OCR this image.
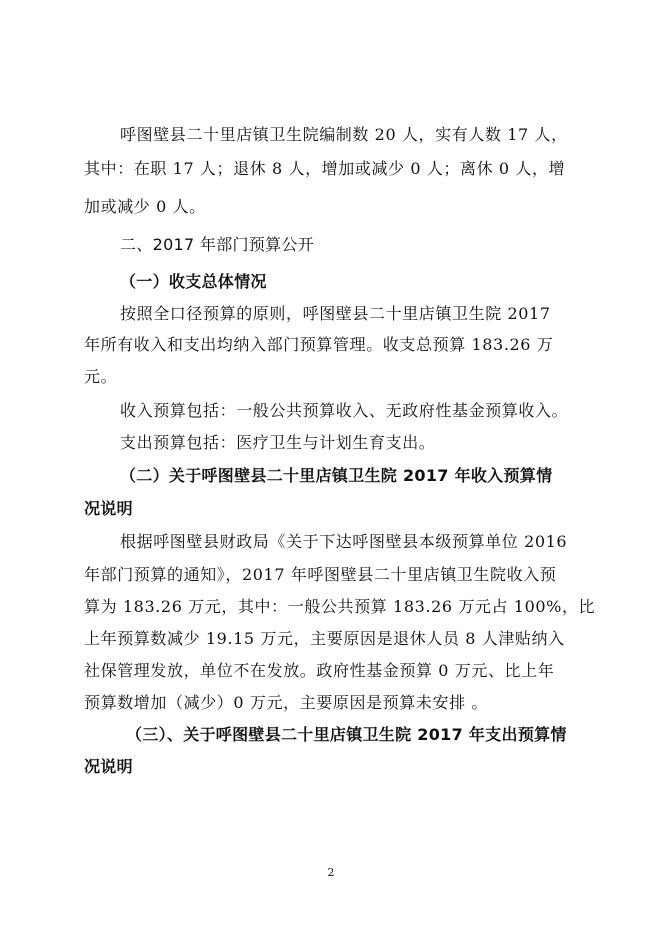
呼图壁县二十里店镇卫生院编制数 20 人，实有人数 17 人，
其中：在职 17 人；退休 8 人，增加或减少 0 人；离休 0 人，增
加或减少 0 人。
二、2017 年部门预算公开
（一）收支总体情况
按照全口径预算的原则，呼图壁县二十里店镇卫生院 2017
年所有收入和支出均纳入部门预算管理。收支总预算 183.26 万
元。
收入预算包括：一般公共预算收入、无政府性基金预算收入。
支出预算包括：医疗卫生与计划生育支出。
（二）关于呼图壁县二十里店镇卫生院 2017 年收入预算情
况说明
根据呼图壁县财政局《关于下达呼图壁县本级预算单位 2016
年部门预算的通知》，2017 年呼图壁县二十里店镇卫生院收入预
算为 183.26 万元，其中：一般公共预算 183.26 万元占 100%，比
上年预算数减少 19.15 万元，主要原因是退休人员 8 人津贴纳入
社保管理发放，单位不在发放。政府性基金预算 0 万元、比上年
预算数增加（减少）0 万元，主要原因是预算未安排 。
（三）、关于呼图壁县二十里店镇卫生院 2017 年支出预算情
况说明
2
